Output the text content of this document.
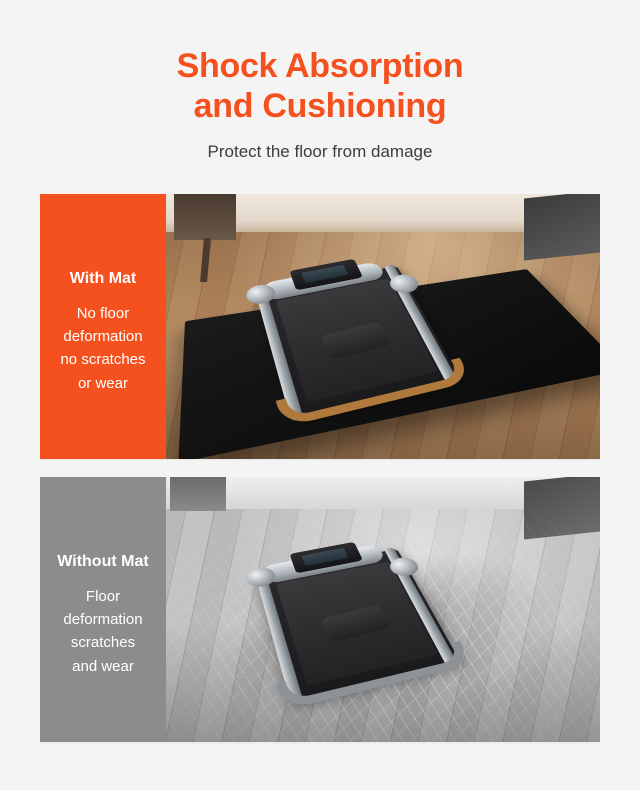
Shock Absorption
and Cushioning
Protect the floor from damage
With Mat
No floor
deformation
no scratches
or wear
Without Mat
Floor
deformation
scratches
and wear
